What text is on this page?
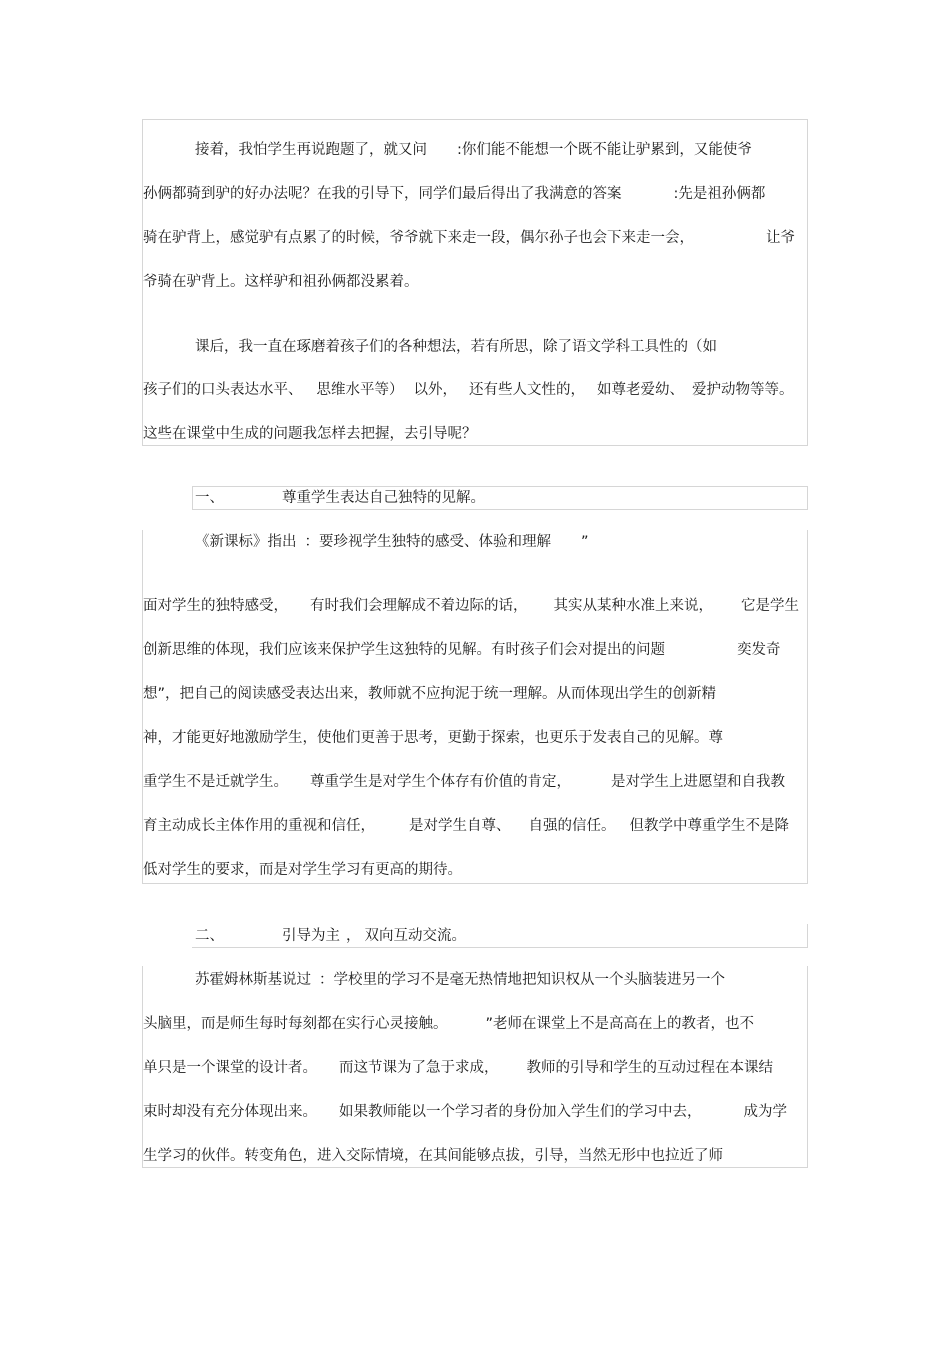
接着，我怕学生再说跑题了，就又问 :你们能不能想一个既不能让驴累到，又能使爷
孙俩都骑到驴的好办法呢？在我的引导下，同学们最后得出了我满意的答案	:先是祖孙俩都
骑在驴背上，感觉驴有点累了的时候，爷爷就下来走一段，偶尔孙子也会下来走一会，	让爷
爷骑在驴背上。这样驴和祖孙俩都没累着。
课后，我一直在琢磨着孩子们的各种想法，若有所思，除了语文学科工具性的（如
孩子们的口头表达水平、 思维水平等） 以外， 还有些人文性的， 如尊老爱幼、 爱护动物等等。
这些在课堂中生成的问题我怎样去把握，去引导呢？
一、	尊重学生表达自己独特的见解。
《新课标》指出 ：要珍视学生独特的感受、体验和理解 ”
面对学生的独特感受， 有时我们会理解成不着边际的话， 其实从某种水准上来说， 它是学生
创新思维的体现，我们应该来保护学生这独特的见解。有时孩子们会对提出的问题	奕发奇
想”，把自己的阅读感受表达出来，教师就不应拘泥于统一理解。从而体现出学生的创新精
神，才能更好地激励学生，使他们更善于思考，更勤于探索，也更乐于发表自己的见解。尊
重学生不是迁就学生。 尊重学生是对学生个体存有价值的肯定，	是对学生上进愿望和自我教
育主动成长主体作用的重视和信任， 是对学生自尊、 自强的信任。 但教学中尊重学生不是降
低对学生的要求，而是对学生学习有更高的期待。
二、	引导为主 ， 双向互动交流。
苏霍姆林斯基说过 ：学校里的学习不是毫无热情地把知识权从一个头脑装进另一个
头脑里，而是师生每时每刻都在实行心灵接触。	”老师在课堂上不是高高在上的教者，也不
单只是一个课堂的设计者。 而这节课为了急于求成， 教师的引导和学生的互动过程在本课结
束时却没有充分体现出来。 如果教师能以一个学习者的身份加入学生们的学习中去，	成为学
生学习的伙伴。转变角色，进入交际情境，在其间能够点拔，引导，当然无形中也拉近了师
